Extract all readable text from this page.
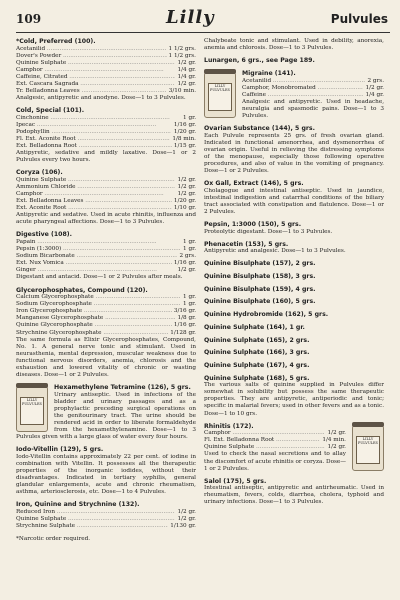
109	Lilly	Pulvules
*Cold, Preferred (100).
Acetanilid .....	1 1/2 grs.
Dover's Powder .....	1 1/2 grs.
Quinine Sulphate .....	1/2 gr.
Camphor .....	1/4 gr.
Caffeine, Citrated .....	1/4 gr.
Ext. Cascara Sagrada .....	1/2 gr.
Tr. Belladonna Leaves .....	3/10 min.
Analgesic, antipyretic and anodyne. Dose—1 to 3 Pulvules.
Cold, Special (101).
Cinchonine .....	1 gr.
Ipecac .....	1/16 gr.
Podophyllin .....	1/20 gr.
Fl. Ext. Aconite Root .....	1/8 min.
Ext. Belladonna Root .....	1/15 gr.
Antipyretic, sedative and mildly laxative. Dose—1 or 2 Pulvules every two hours.
Coryza (106).
Quinine Sulphate .....	1/2 gr.
Ammonium Chloride .....	1/2 gr.
Camphor .....	1/2 gr.
Ext. Belladonna Leaves .....	1/20 gr.
Ext. Aconite Root .....	1/10 gr.
Antipyretic and sedative. Used in acute rhinitis, influenza and acute pharyngeal affections. Dose—1 to 3 Pulvules.
Digestive (108).
Papain .....	1 gr.
Pepsin (1:3000) .....	1 gr.
Sodium Bicarbonate .....	2 grs.
Ext. Nux Vomica .....	1/16 gr.
Ginger .....	1/2 gr.
Digestant and antacid. Dose—1 or 2 Pulvules after meals.
Glycerophosphates, Compound (120).
Calcium Glycerophosphate .....	1 gr.
Sodium Glycerophosphate .....	1 gr.
Iron Glycerophosphate .....	3/16 gr.
Manganese Glycerophosphate .....	1/8 gr.
Quinine Glycerophosphate .....	1/16 gr.
Strychnine Glycerophosphate .....	1/128 gr.
The same formula as Elixir Glycerophosphates, Compound, No. 1. A general nerve tonic and stimulant. Used in neurasthenia, mental depression, muscular weakness due to functional nervous disorders, anemia, chlorosis and the exhaustion and lowered vitality of chronic or wasting diseases. Dose—1 or 2 Pulvules.
LILLY PULVULES
Hexamethylene Tetramine (126), 5 grs.
Urinary antiseptic. Used in infections of the bladder and urinary passages and as a prophylactic preceding surgical operations on the genitourinary tract. The urine should be rendered acid in order to liberate formaldehyde from the hexamethylenamine. Dose—1 to 3 Pulvules given with a large glass of water every four hours.
Iodo-Vitellin (129), 5 grs.
Iodo-Vitellin contains approximately 22 per cent. of iodine in combination with Vitellin. It possesses all the therapeutic properties of the inorganic iodides, without their disadvantages. Indicated in tertiary syphilis, general glandular enlargements, acute and chronic rheumatism, asthma, arteriosclerosis, etc. Dose—1 to 4 Pulvules.
Iron, Quinine and Strychnine (132).
Reduced Iron .....	1/2 gr.
Quinine Sulphate .....	1/2 gr.
Strychnine Sulphate .....	1/130 gr.
*Narcotic order required.
Chalybeate tonic and stimulant. Used in debility, anorexia, anemia and chlorosis. Dose—1 to 3 Pulvules.
Lunargen, 6 grs., see Page 189.
LILLY PULVULES
Migraine (141).
Acetanilid .....	2 grs.
Camphor, Monobromated .....	1/2 gr.
Caffeine .....	1/4 gr.
Analgesic and antipyretic. Used in headache, neuralgia and spasmodic pains. Dose—1 to 3 Pulvules.
Ovarian Substance (144), 5 grs.
Each Pulvule represents 25 grs. of fresh ovarian gland. Indicated in functional amenorrhea, and dysmenorrhea of ovarian origin. Useful in relieving the distressing symptoms of the menopause, especially those following operative procedures, and also of value in the vomiting of pregnancy. Dose—1 or 2 Pulvules.
Ox Gall, Extract (146), 5 grs.
Cholagogue and intestinal antiseptic. Used in jaundice, intestinal indigestion and catarrhal conditions of the biliary tract associated with constipation and flatulence. Dose—1 or 2 Pulvules.
Pepsin, 1:3000 (150), 5 grs.
Proteolytic digestant. Dose—1 to 3 Pulvules.
Phenacetin (153), 5 grs.
Antipyretic and analgesic. Dose—1 to 3 Pulvules.
Quinine Bisulphate (157), 2 grs.
Quinine Bisulphate (158), 3 grs.
Quinine Bisulphate (159), 4 grs.
Quinine Bisulphate (160), 5 grs.
Quinine Hydrobromide (162), 5 grs.
Quinine Sulphate (164), 1 gr.
Quinine Sulphate (165), 2 grs.
Quinine Sulphate (166), 3 grs.
Quinine Sulphate (167), 4 grs.
Quinine Sulphate (168), 5 grs.
The various salts of quinine supplied in Pulvules differ somewhat in solubility but possess the same therapeutic properties. They are antipyretic, antiperiodic and tonic; specific in malarial fevers; used in other fevers and as a tonic. Dose—1 to 10 grs.
LILLY PULVULES
Rhinitis (172).
Camphor .....	1/2 gr.
Fl. Ext. Belladonna Root .....	1/4 min.
Quinine Sulphate .....	1/2 gr.
Used to check the nasal secretions and to allay the discomfort of acute rhinitis or coryza. Dose—1 or 2 Pulvules.
Salol (175), 5 grs.
Intestinal antiseptic, antipyretic and antirheumatic. Used in rheumatism, fevers, colds, diarrhea, cholera, typhoid and urinary infections. Dose—1 to 3 Pulvules.
